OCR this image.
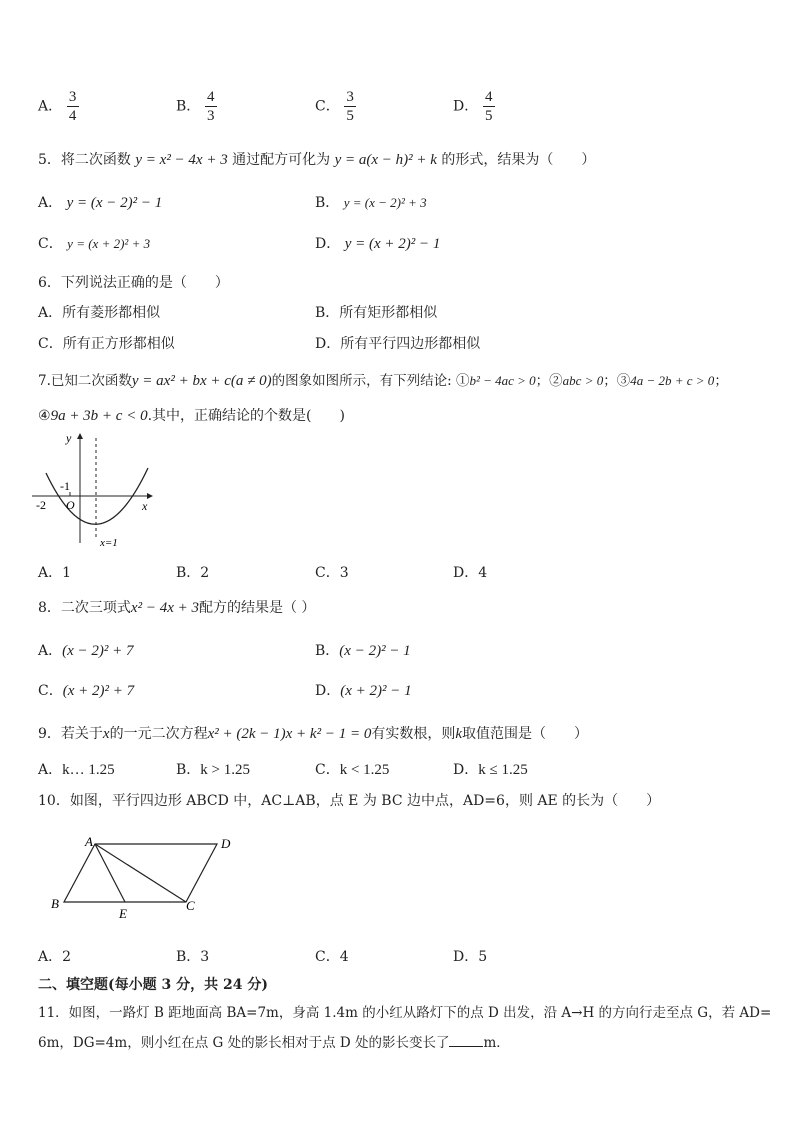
A． $\frac{3}{4}$	B． $\frac{4}{3}$	C． $\frac{3}{5}$	D． $\frac{4}{5}$
5．将二次函数 y = x² − 4x + 3 通过配方可化为 y = a(x − h)² + k 的形式，结果为（　　）
A． y = (x − 2)² − 1	B． y = (x − 2)² + 3
C． y = (x + 2)² + 3	D． y = (x + 2)² − 1
6．下列说法正确的是（　　）
A．所有菱形都相似	B．所有矩形都相似
C．所有正方形都相似	D．所有平行四边形都相似
7.已知二次函数y = ax² + bx + c(a ≠ 0)的图象如图所示，有下列结论: ①b² − 4ac > 0；②abc > 0；③4a − 2b + c > 0；
④9a + 3b + c < 0.其中，正确结论的个数是(　　)
y
x
O
-1
-2
x=1
A．1	B．2	C．3	D．4
8．二次三项式x² − 4x + 3配方的结果是（ ）
A．(x − 2)² + 7	B．(x − 2)² − 1
C．(x + 2)² + 7	D．(x + 2)² − 1
9．若关于x的一元二次方程x² + (2k − 1)x + k² − 1 = 0有实数根，则k取值范围是（　　）
A．k… 1.25	B．k > 1.25	C．k < 1.25	D．k ≤ 1.25
10．如图，平行四边形 ABCD 中，AC⊥AB，点 E 为 BC 边中点，AD=6，则 AE 的长为（　　）
A	D
B
E
C
A．2	B．3	C．4	D．5
二、填空题(每小题 3 分，共 24 分)
11．如图，一路灯 B 距地面高 BA=7m，身高 1.4m 的小红从路灯下的点 D 出发，沿 A→H 的方向行走至点 G，若 AD=
6m，DG=4m，则小红在点 G 处的影长相对于点 D 处的影长变长了	m．
